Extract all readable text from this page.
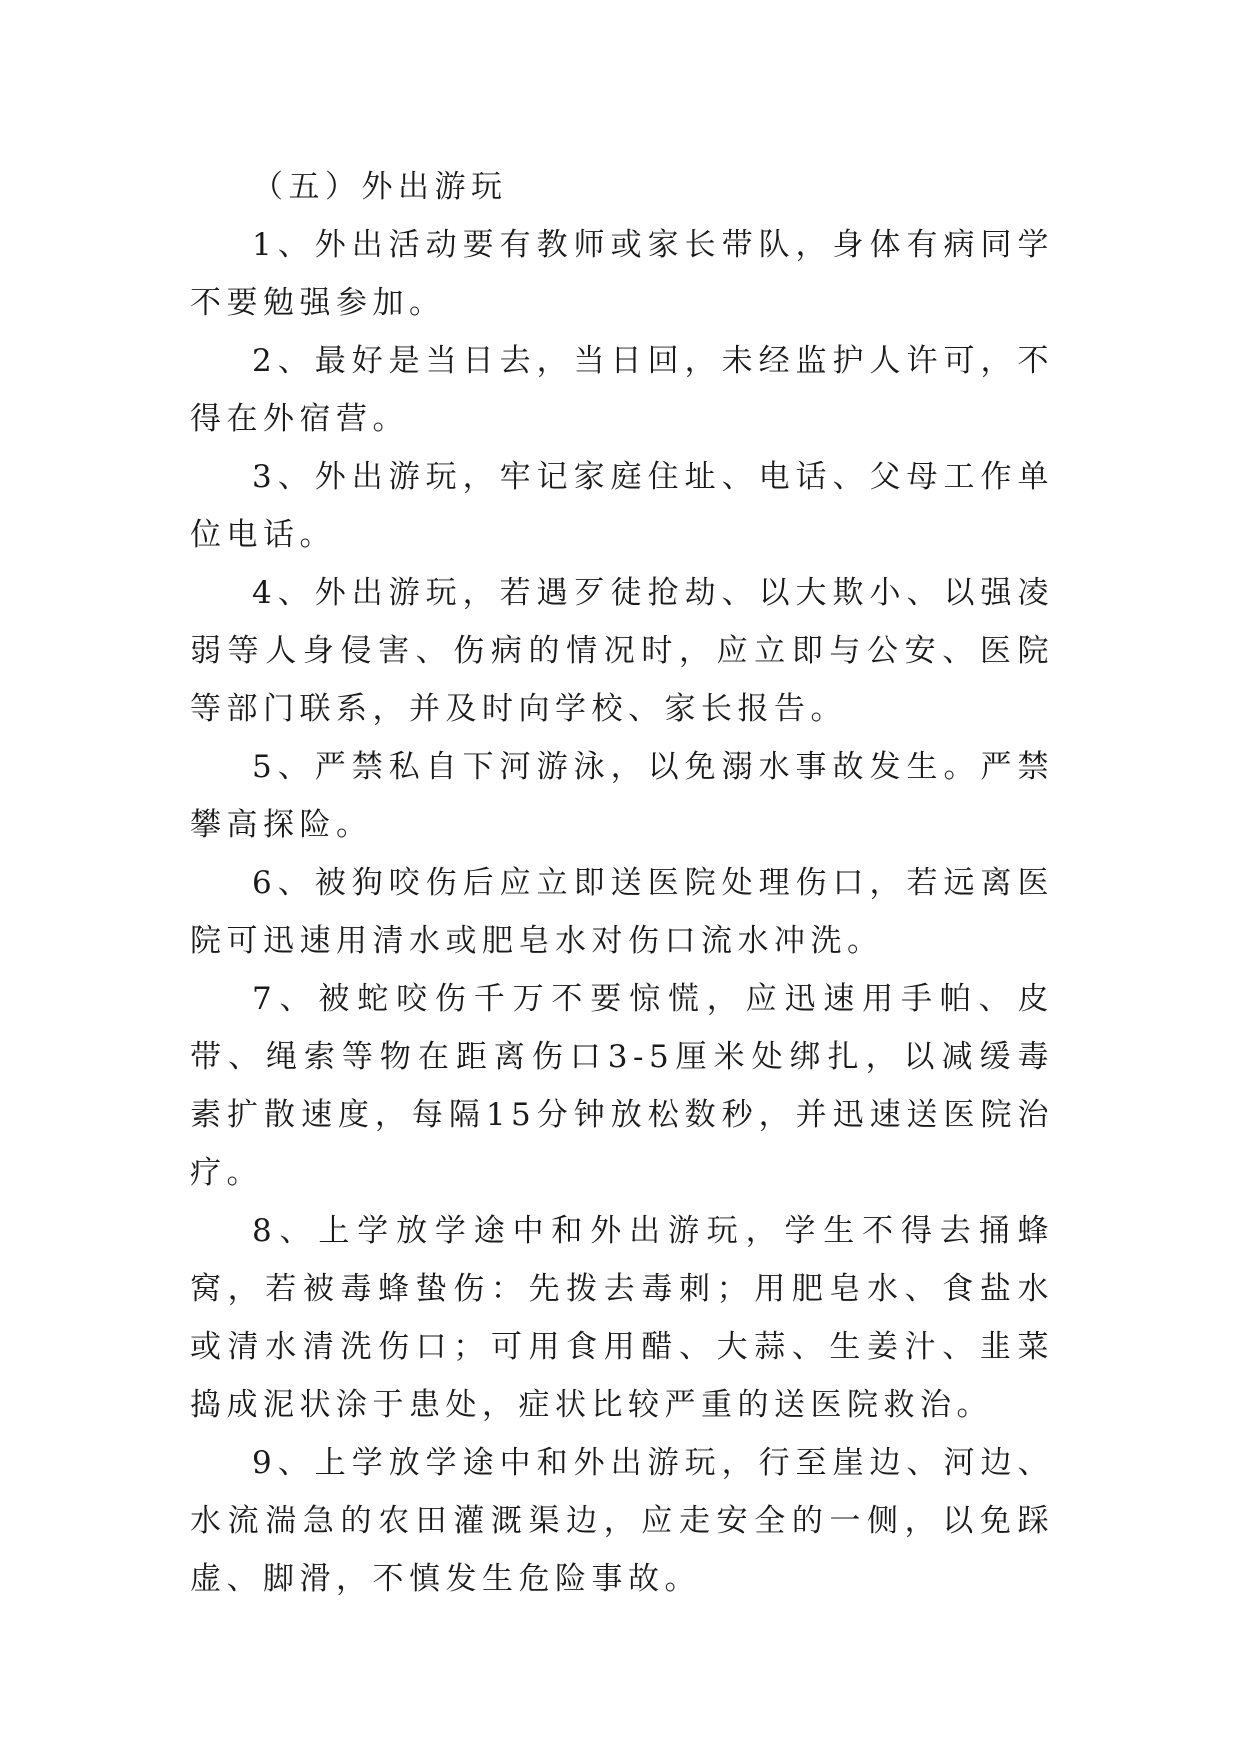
（五）外出游玩

1、外出活动要有教师或家长带队，身体有病同学不要勉强参加。

2、最好是当日去，当日回，未经监护人许可，不得在外宿营。

3、外出游玩，牢记家庭住址、电话、父母工作单位电话。

4、外出游玩，若遇歹徒抢劫、以大欺小、以强凌弱等人身侵害、伤病的情况时，应立即与公安、医院等部门联系，并及时向学校、家长报告。

5、严禁私自下河游泳，以免溺水事故发生。严禁攀高探险。

6、被狗咬伤后应立即送医院处理伤口，若远离医院可迅速用清水或肥皂水对伤口流水冲洗。

7、被蛇咬伤千万不要惊慌，应迅速用手帕、皮带、绳索等物在距离伤口3-5厘米处绑扎，以减缓毒素扩散速度，每隔15分钟放松数秒，并迅速送医院治疗。

8、上学放学途中和外出游玩，学生不得去捅蜂窝，若被毒蜂蛰伤：先拨去毒刺；用肥皂水、食盐水或清水清洗伤口；可用食用醋、大蒜、生姜汁、韭菜捣成泥状涂于患处，症状比较严重的送医院救治。

9、上学放学途中和外出游玩，行至崖边、河边、水流湍急的农田灌溉渠边，应走安全的一侧，以免踩虚、脚滑，不慎发生危险事故。
